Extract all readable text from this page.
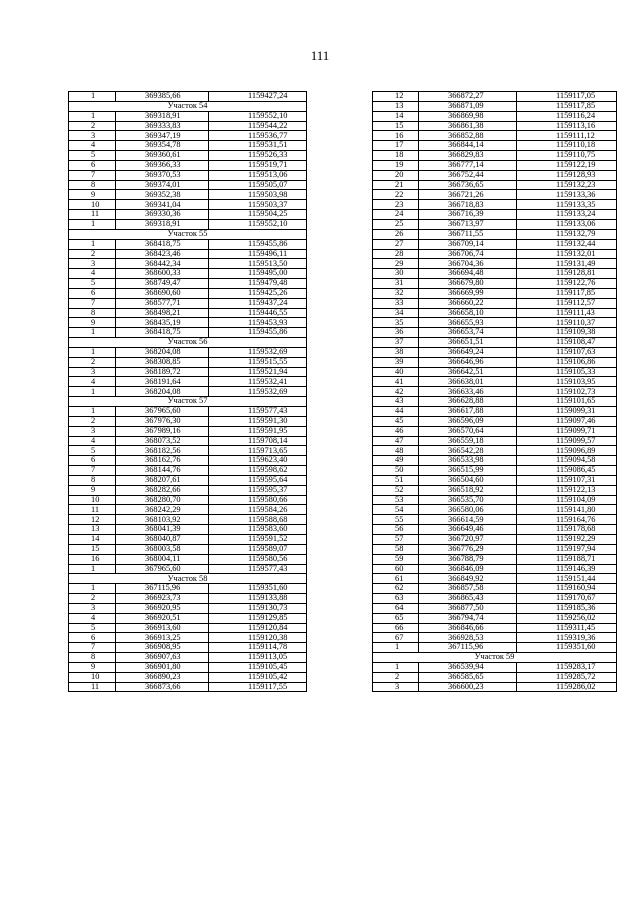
111
1	369385,66	1159427,24
Участок 54		
1	369318,91	1159552,10
2	369333,83	1159544,22
3	369347,19	1159536,77
4	369354,78	1159531,51
5	369360,61	1159526,33
6	369366,33	1159519,71
7	369370,53	1159513,06
8	369374,01	1159505,07
9	369352,38	1159503,98
10	369341,04	1159503,37
11	369330,36	1159504,25
1	369318,91	1159552,10
Участок 55		
1	368418,75	1159455,86
2	368423,46	1159496,11
3	368442,34	1159513,50
4	368600,33	1159495,00
5	368749,47	1159479,48
6	368690,60	1159425,26
7	368577,71	1159437,24
8	368498,21	1159446,55
9	368435,19	1159453,93
1	368418,75	1159455,86
Участок 56		
1	368204,08	1159532,69
2	368308,85	1159515,55
3	368189,72	1159521,94
4	368191,64	1159532,41
1	368204,08	1159532,69
Участок 57		
1	367965,60	1159577,43
2	367976,30	1159591,30
3	367989,16	1159591,95
4	368073,52	1159708,14
5	368182,56	1159713,65
6	368162,76	1159623,40
7	368144,76	1159598,62
8	368207,61	1159595,64
9	368282,66	1159595,37
10	368280,70	1159580,66
11	368242,29	1159584,26
12	368103,92	1159588,68
13	368041,39	1159583,60
14	368040,87	1159591,52
15	368003,58	1159589,07
16	368004,11	1159580,56
1	367965,60	1159577,43
Участок 58		
1	367115,96	1159351,60
2	366923,73	1159133,88
3	366920,95	1159130,73
4	366920,51	1159129,85
5	366913,60	1159120,84
6	366913,25	1159120,38
7	366908,95	1159114,78
8	366907,63	1159113,05
9	366901,80	1159105,45
10	366890,23	1159105,42
11	366873,66	1159117,55
12	366872,27	1159117,05
13	366871,09	1159117,85
14	366869,98	1159116,24
15	366861,38	1159113,16
16	366852,88	1159111,12
17	366844,14	1159110,18
18	366829,83	1159110,75
19	366777,14	1159122,19
20	366752,44	1159128,93
21	366736,65	1159132,23
22	366721,26	1159133,36
23	366718,83	1159133,35
24	366716,39	1159133,24
25	366713,97	1159133,06
26	366711,55	1159132,79
27	366709,14	1159132,44
28	366706,74	1159132,01
29	366704,36	1159131,49
30	366694,48	1159128,81
31	366679,80	1159122,76
32	366669,99	1159117,85
33	366660,22	1159112,57
34	366658,10	1159111,43
35	366655,93	1159110,37
36	366653,74	1159109,38
37	366651,51	1159108,47
38	366649,24	1159107,63
39	366646,96	1159106,86
40	366642,51	1159105,33
41	366638,01	1159103,95
42	366633,46	1159102,73
43	366628,88	1159101,65
44	366617,88	1159099,31
45	366596,09	1159097,46
46	366570,64	1159099,71
47	366559,18	1159099,57
48	366542,28	1159096,89
49	366533,98	1159094,58
50	366515,99	1159086,45
51	366504,60	1159107,31
52	366518,92	1159122,13
53	366535,70	1159104,09
54	366580,06	1159141,80
55	366614,59	1159164,76
56	366649,46	1159178,68
57	366720,97	1159192,29
58	366776,29	1159197,94
59	366788,79	1159188,71
60	366846,09	1159146,39
61	366849,92	1159151,44
62	366857,58	1159160,94
63	366865,43	1159170,67
64	366877,50	1159185,36
65	366794,74	1159256,02
66	366846,66	1159311,45
67	366928,53	1159319,36
1	367115,96	1159351,60
Участок 59		
1	366539,94	1159283,17
2	366585,65	1159285,72
3	366600,23	1159286,02
